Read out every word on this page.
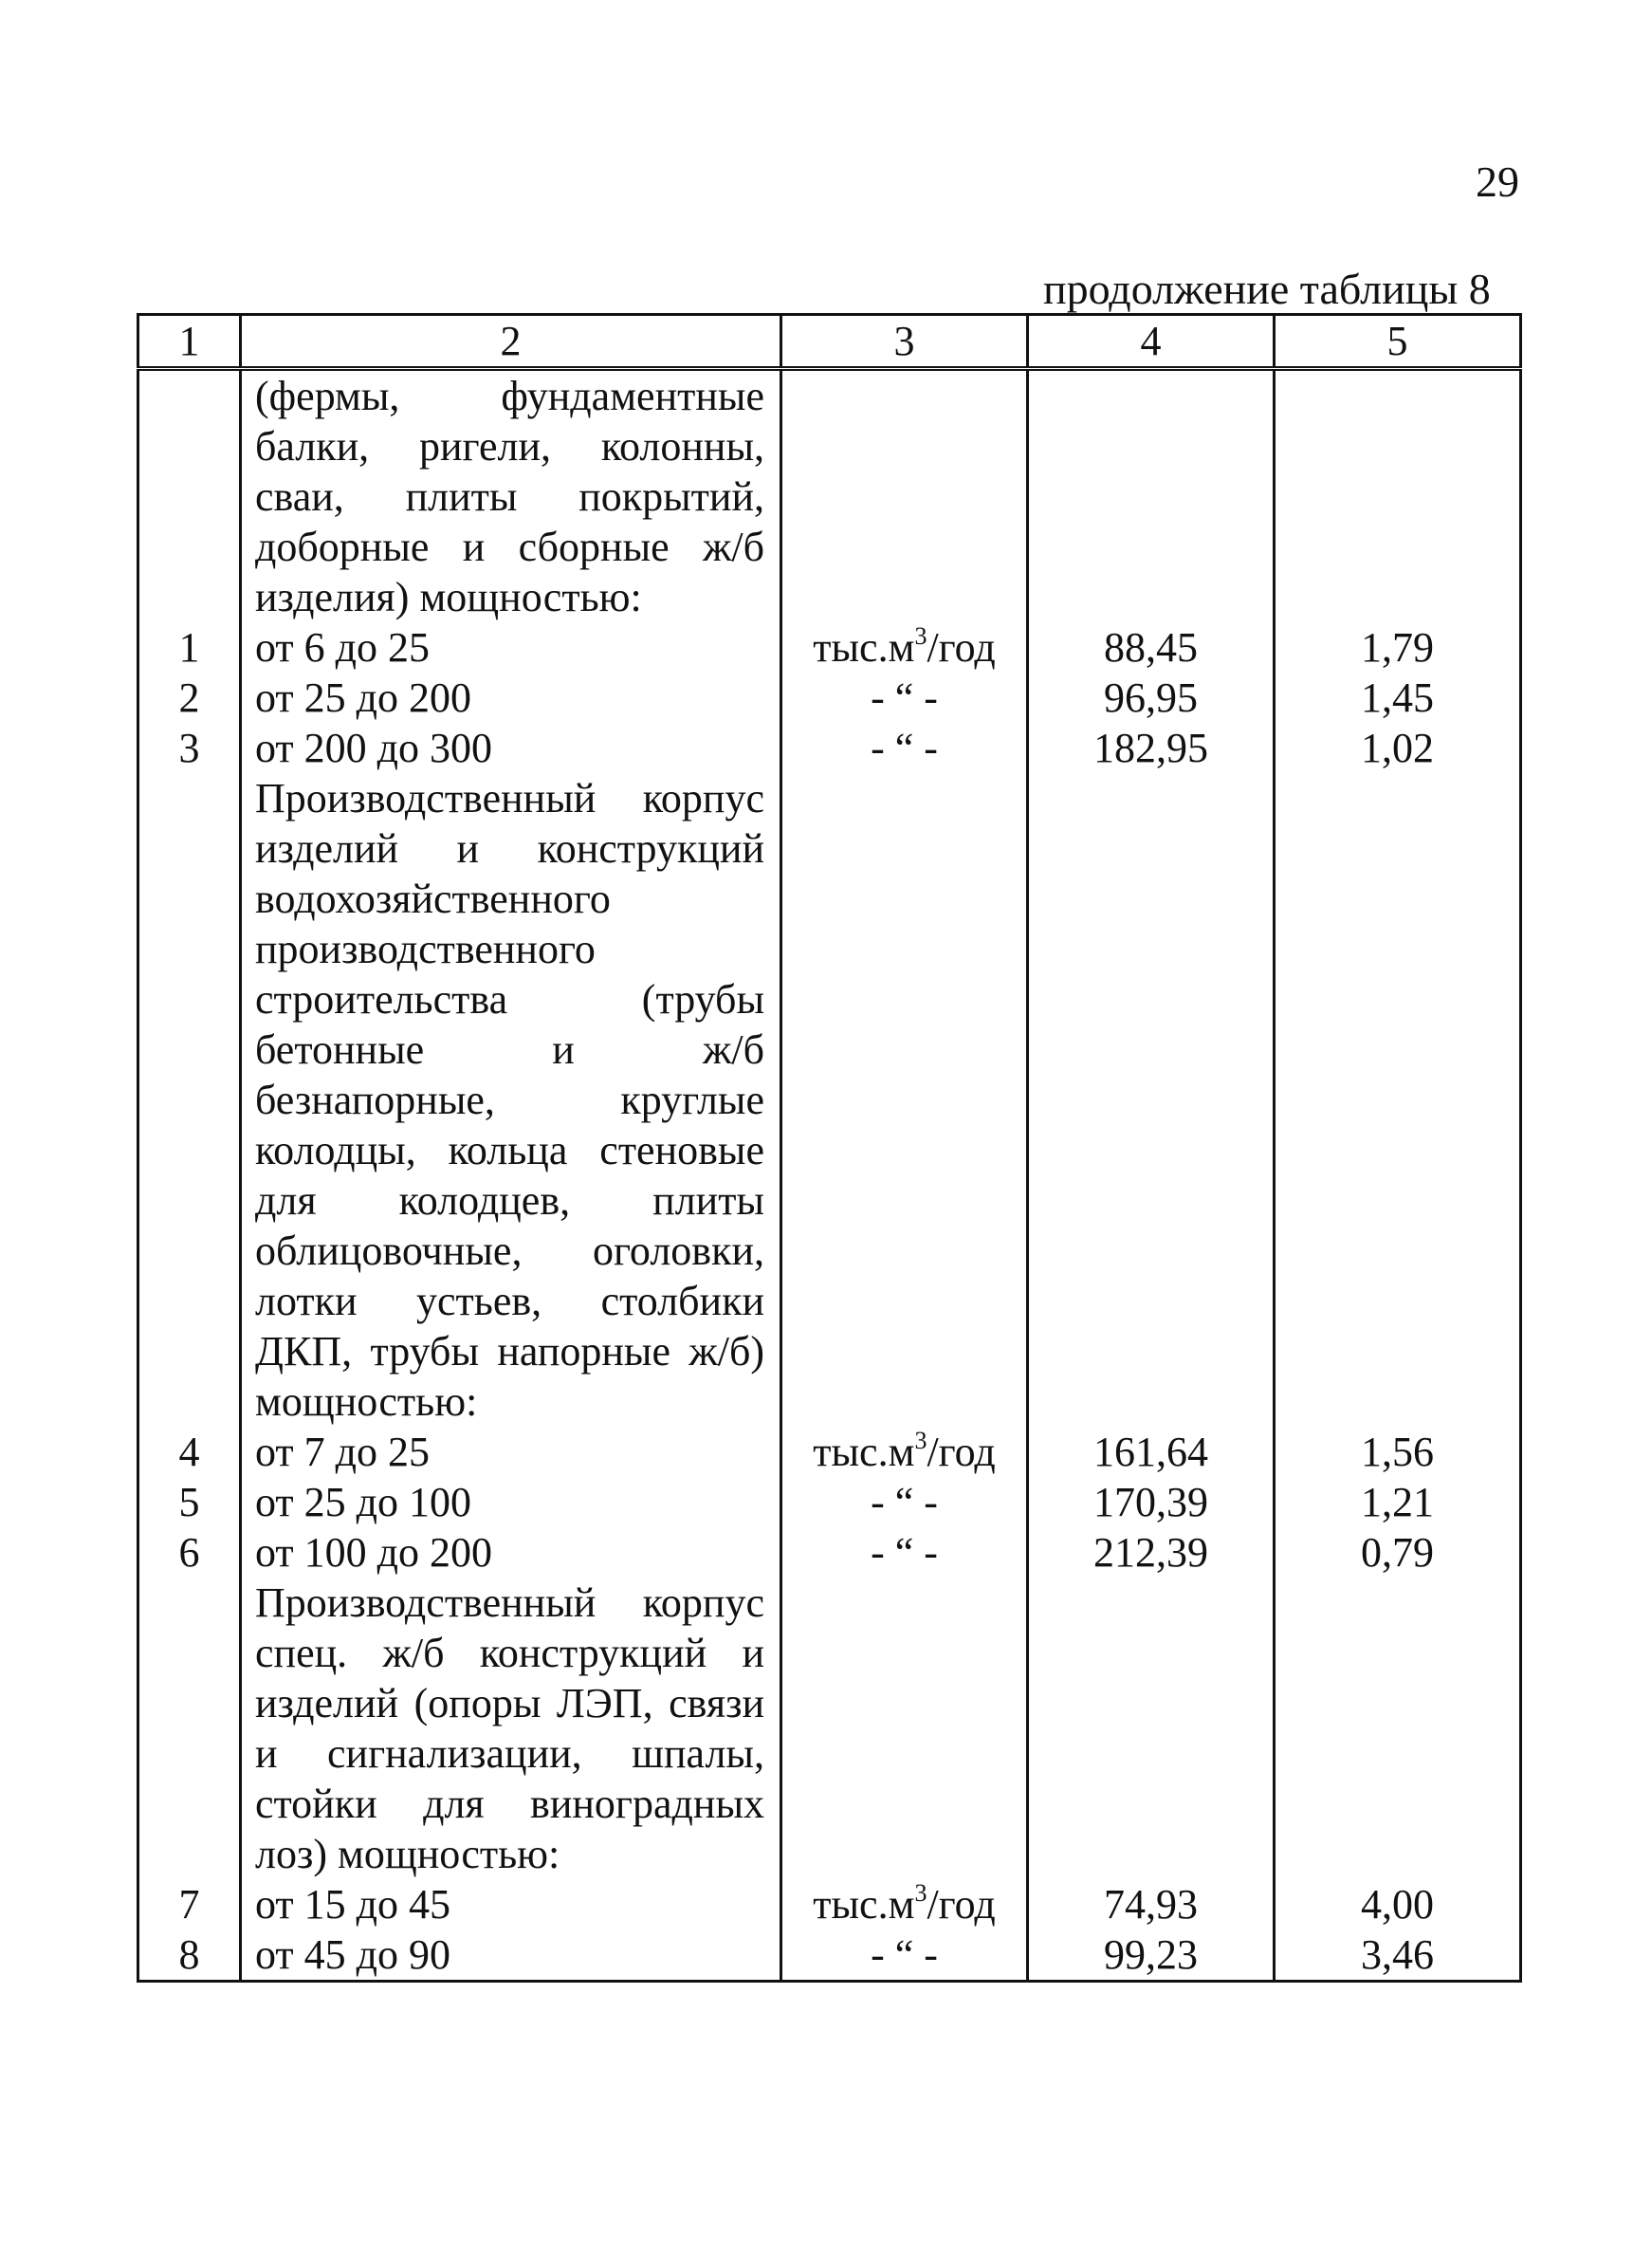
29
продолжение таблицы 8
1	2	3	4	5
	(фермы, фундаментные балки, ригели, колонны, сваи, плиты покрытий, доборные и сборные ж/б изделия) мощностью:			
1	от 6 до 25	$тыс.м^3$/год	88,45	1,79
2	от 25 до 200	- “ -	96,95	1,45
3	от 200 до 300	- “ -	182,95	1,02
	Производственный корпус изделий и конструкций водохозяйственного производственного строительства (трубы бетонные и ж/б безнапорные, круглые колодцы, кольца стеновые для колодцев, плиты облицовочные, оголовки, лотки устьев, столбики ДКП, трубы напорные ж/б) мощностью:			
4	от 7 до 25	$тыс.м^3$/год	161,64	1,56
5	от 25 до 100	- “ -	170,39	1,21
6	от 100 до 200	- “ -	212,39	0,79
	Производственный корпус спец. ж/б конструкций и изделий (опоры ЛЭП, связи и сигнализации, шпалы, стойки для виноградных лоз) мощностью:			
7	от 15 до 45	$тыс.м^3$/год	74,93	4,00
8	от 45 до 90	- “ -	99,23	3,46
